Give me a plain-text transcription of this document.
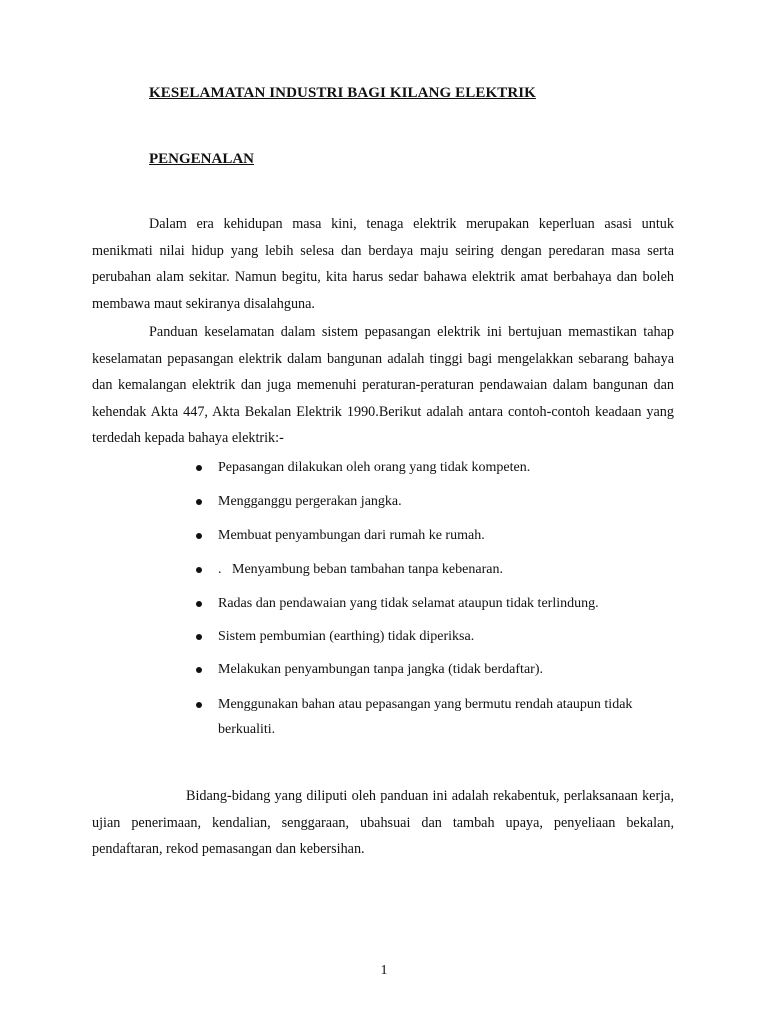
KESELAMATAN INDUSTRI BAGI KILANG ELEKTRIK
PENGENALAN

Dalam era kehidupan masa kini, tenaga elektrik merupakan keperluan asasi untuk menikmati nilai hidup yang lebih selesa dan berdaya maju seiring dengan peredaran masa serta perubahan alam sekitar. Namun begitu, kita harus sedar bahawa elektrik amat berbahaya dan boleh membawa maut sekiranya disalahguna.

Panduan keselamatan dalam sistem pepasangan elektrik ini bertujuan memastikan tahap keselamatan pepasangan elektrik dalam bangunan adalah tinggi bagi mengelakkan sebarang bahaya dan kemalangan elektrik dan juga memenuhi peraturan-peraturan pendawaian dalam bangunan dan kehendak Akta 447, Akta Bekalan Elektrik 1990.Berikut adalah antara contoh-contoh keadaan yang terdedah kepada bahaya elektrik:-

Pepasangan dilakukan oleh orang yang tidak kompeten.
Mengganggu pergerakan jangka.
Membuat penyambungan dari rumah ke rumah.
.   Menyambung beban tambahan tanpa kebenaran.
Radas dan pendawaian yang tidak selamat ataupun tidak terlindung.
Sistem pembumian (earthing) tidak diperiksa.
Melakukan penyambungan tanpa jangka (tidak berdaftar).
Menggunakan bahan atau pepasangan yang bermutu rendah ataupun tidak berkualiti.

Bidang-bidang yang diliputi oleh panduan ini adalah rekabentuk, perlaksanaan kerja, ujian penerimaan, kendalian, senggaraan, ubahsuai dan tambah upaya, penyeliaan bekalan, pendaftaran, rekod pemasangan dan kebersihan.

1
